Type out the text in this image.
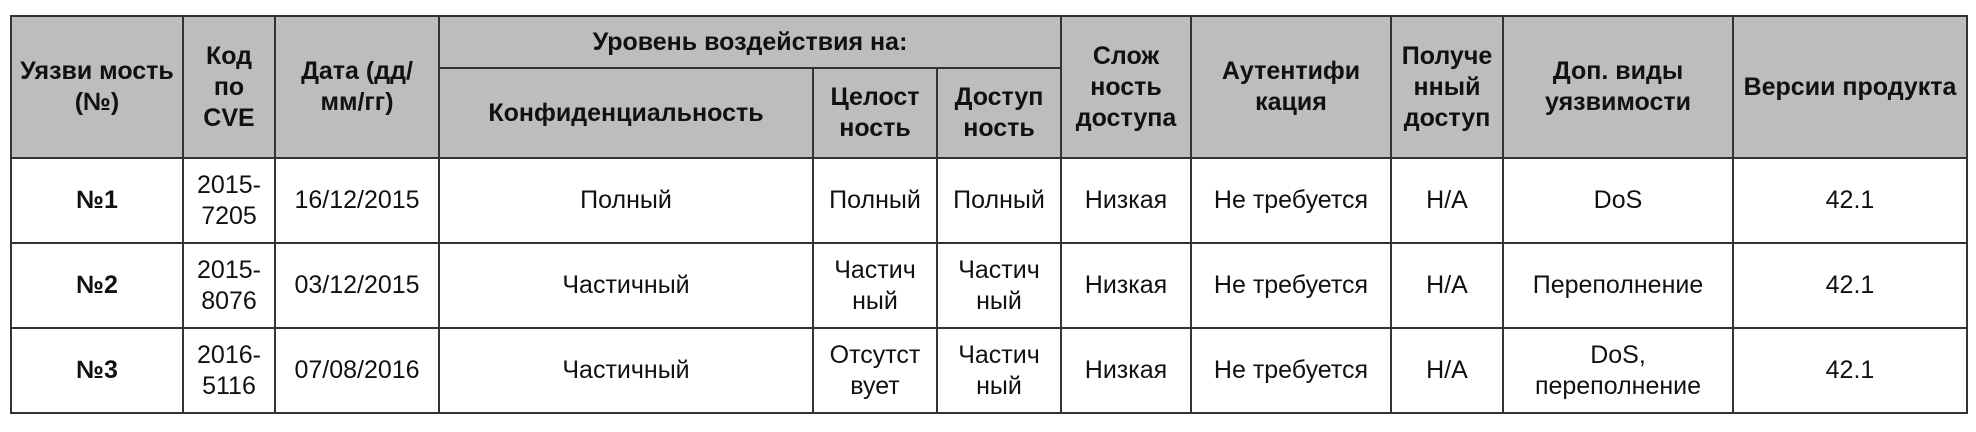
Уязви мость (№)	Код по CVE	Дата (дд/ мм/гг)	Уровень воздействия на:			Слож ность доступа	Аутентифи кация	Получе нный доступ	Доп. виды уязвимости	Версии продукта
			Конфиденциальность	Целост ность	Доступ ность					
№1	2015-7205	16/12/2015	Полный	Полный	Полный	Низкая	Не требуется	Н/А	DoS	42.1
№2	2015-8076	03/12/2015	Частичный	Частич ный	Частич ный	Низкая	Не требуется	Н/А	Переполнение	42.1
№3	2016-5116	07/08/2016	Частичный	Отсутст вует	Частич ный	Низкая	Не требуется	Н/А	DoS, переполнение	42.1
